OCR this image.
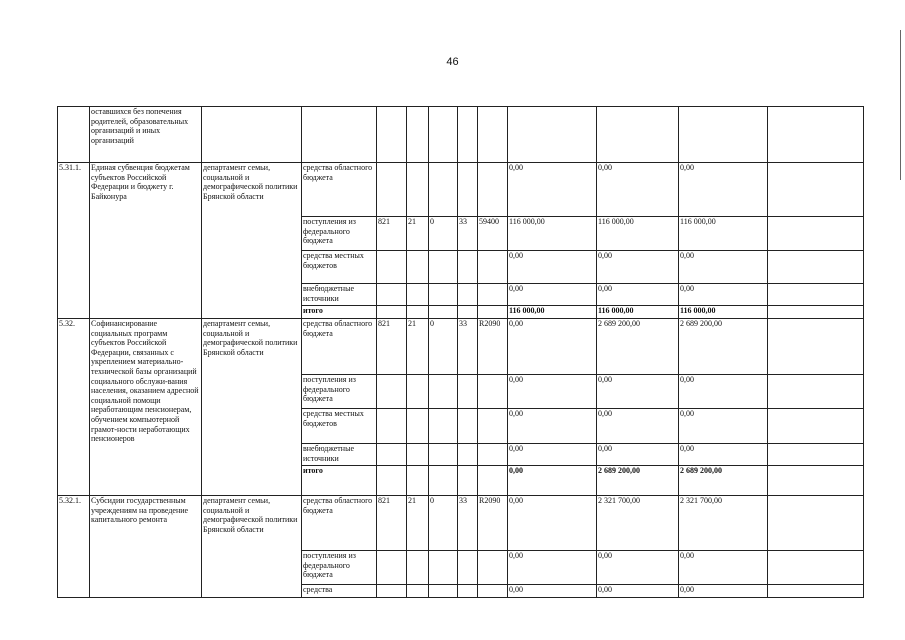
46
	оставшихся без попечения родителей, образовательных организаций и иных организаций											
5.31.1.	Единая субвенция бюджетам субъектов Российской Федерации и бюджету г. Байконура	департамент семьи, социальной и демографической политики Брянской области	средства областного бюджета						0,00	0,00	0,00	
			поступления из федерального бюджета	821	21	0	33	59400	116 000,00	116 000,00	116 000,00	
			средства местных бюджетов						0,00	0,00	0,00	
			внебюджетные источники						0,00	0,00	0,00	
			итого						116 000,00	116 000,00	116 000,00	
5.32.	Софинансирование социальных программ субъектов Российской Федерации, связанных с укреплением материально-технической базы организаций социального обслужи-вания населения, оказанием адресной социальной помощи неработающим пенсионерам, обучением компьютерной грамот-ности неработающих пенсионеров	департамент семьи, социальной и демографической политики Брянской области	средства областного бюджета	821	21	0	33	R2090	0,00	2 689 200,00	2 689 200,00	
			поступления из федерального бюджета						0,00	0,00	0,00	
			средства местных бюджетов						0,00	0,00	0,00	
			внебюджетные источники						0,00	0,00	0,00	
			итого						0,00	2 689 200,00	2 689 200,00	
5.32.1.	Субсидии государственным учреждениям на проведение капитального ремонта	департамент семьи, социальной и демографической политики Брянской области	средства областного бюджета	821	21	0	33	R2090	0,00	2 321 700,00	2 321 700,00	
			поступления из федерального бюджета						0,00	0,00	0,00	
			средства						0,00	0,00	0,00	
